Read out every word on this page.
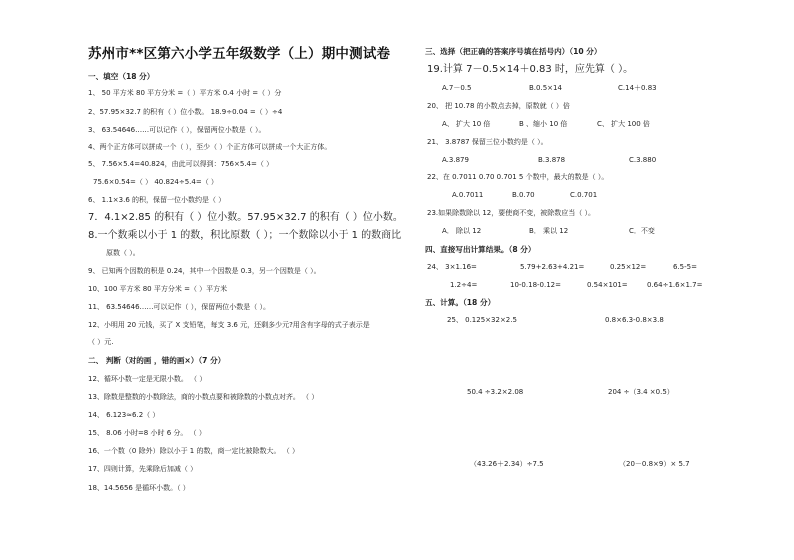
苏州市**区第六小学五年级数学（上）期中测试卷
一、填空（18 分）
1、 50 平方米 80 平方分米 =（ ）平方米 0.4 小时 =（ ）分
2、57.95×32.7 的积有（ ）位小数。 18.9÷0.04 =（ ）÷4
3、 63.54646……可以记作（ ），保留两位小数是（ ）。
4、两个正方体可以拼成一个（ ），至少（ ）个正方体可以拼成一个大正方体。
5、 7.56×5.4=40.824，由此可以得到：756×5.4=（ ）
75.6×0.54=（ ） 40.824÷5.4=（ ）
6、 1.1×3.6 的积，保留一位小数约是（ ）
7．4.1×2.85 的积有（ ）位小数。57.95×32.7 的积有（ ）位小数。
8.一个数乘以小于 1 的数，积比原数（ ）；一个数除以小于 1 的数商比
原数（ ）。
9、 已知两个因数的积是 0.24，其中一个因数是 0.3，另一个因数是（ ）。
10、100 平方米 80 平方分米 =（ ）平方米
11、 63.54646……可以记作（ ），保留两位小数是（ ）。
12、小明用 20 元钱，买了 X 支铅笔，每支 3.6 元，还剩多少元?用含有字母的式子表示是
（ ）元.
二、 判断（对的画 ，错的画×）（7 分）
12、循环小数一定是无限小数。 （ ）
13、除数是整数的小数除法，商的小数点要和被除数的小数点对齐。 （ ）
14、 6.123≈6.2（ ）
15、 8.06 小时=8 小时 6 分。 （ ）
16、一个数（0 除外）除以小于 1 的数，商一定比被除数大。 （ ）
17、四则计算，先乘除后加减（ ）
18、14.5656 是循环小数。（ ）
三、选择（把正确的答案序号填在括号内）（10 分）
19.计算 7－0.5×14＋0.83 时，应先算（ ）。
A.7－0.5	B.0.5×14	C.14＋0.83
20、 把 10.78 的小数点去掉，原数就（ ）倍
A、 扩大 10 倍	B 、缩小 10 倍	C、 扩大 100 倍
21、 3.8787 保留三位小数约是（ ）。
A.3.879	B.3.878	C.3.880
22、在 0.7011 0.70 0.701 5 个数中，最大的数是（ ）。
A.0.7011	B.0.70	C.0.701
23.如果除数除以 12，要使商不变，被除数应当（ ）。
A． 除以 12	B． 乘以 12	C．不变
四、直接写出计算结果。（8 分）
24、 3×1.16=	5.79+2.63+4.21=	0.25×12=	6.5-5=
1.2÷4=	10-0.18-0.12=	0.54×101=	0.64÷1.6×1.7=
五、计算。（18 分）
25、 0.125×32×2.5	0.8×6.3-0.8×3.8
50.4 ÷3.2×2.08	204 ÷（3.4 ×0.5）
（43.26＋2.34）÷7.5	（20－0.8×9）× 5.7
